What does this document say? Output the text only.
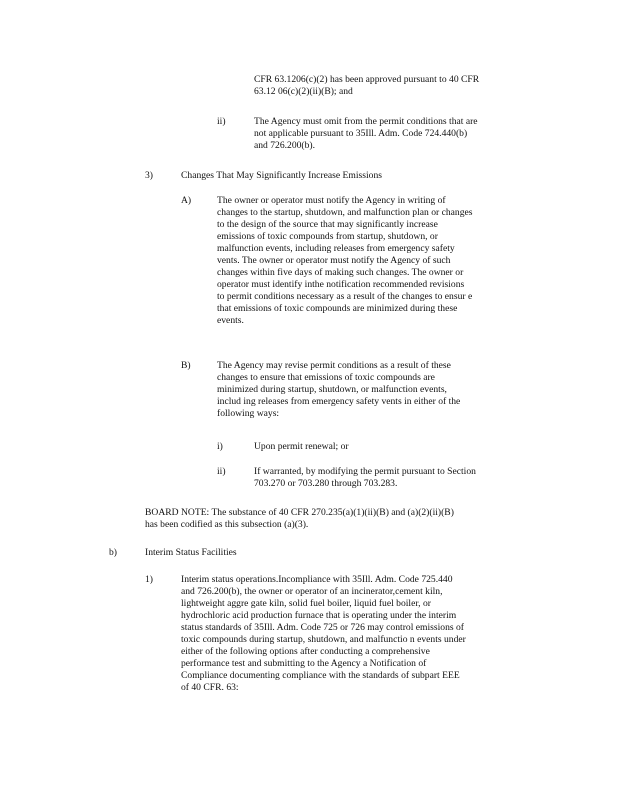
CFR 63.1206(c)(2) has been approved pursuant to 40 CFR
63.12 06(c)(2)(ii)(B); and
ii)	The Agency must omit from the permit conditions that are
not applicable pursuant to 35Ill. Adm. Code 724.440(b)
and 726.200(b).
3)	Changes That May Significantly Increase Emissions
A)	The owner or operator must notify the Agency in writing of
changes to the startup, shutdown, and malfunction plan or changes
to the design of the source that may significantly increase
emissions of toxic compounds from startup, shutdown, or
malfunction events, including releases from emergency safety
vents. The owner or operator must notify the Agency of such
changes within five days of making such changes. The owner or
operator must identify inthe notification recommended revisions
to permit conditions necessary as a result of the changes to ensur e
that emissions of toxic compounds are minimized during these
events.
B)	The Agency may revise permit conditions as a result of these
changes to ensure that emissions of toxic compounds are
minimized during startup, shutdown, or malfunction events,
includ ing releases from emergency safety vents in either of the
following ways:
i)	Upon permit renewal; or
ii)	If warranted, by modifying the permit pursuant to Section
703.270 or 703.280 through 703.283.
BOARD NOTE: The substance of 40 CFR 270.235(a)(1)(ii)(B) and (a)(2)(ii)(B)
has been codified as this subsection (a)(3).
b)	Interim Status Facilities
1)	Interim status operations.Incompliance with 35Ill. Adm. Code 725.440
and 726.200(b), the owner or operator of an incinerator,cement kiln,
lightweight aggre gate kiln, solid fuel boiler, liquid fuel boiler, or
hydrochloric acid production furnace that is operating under the interim
status standards of 35Ill. Adm. Code 725 or 726 may control emissions of
toxic compounds during startup, shutdown, and malfunctio n events under
either of the following options after conducting a comprehensive
performance test and submitting to the Agency a Notification of
Compliance documenting compliance with the standards of subpart EEE
of 40 CFR. 63:
